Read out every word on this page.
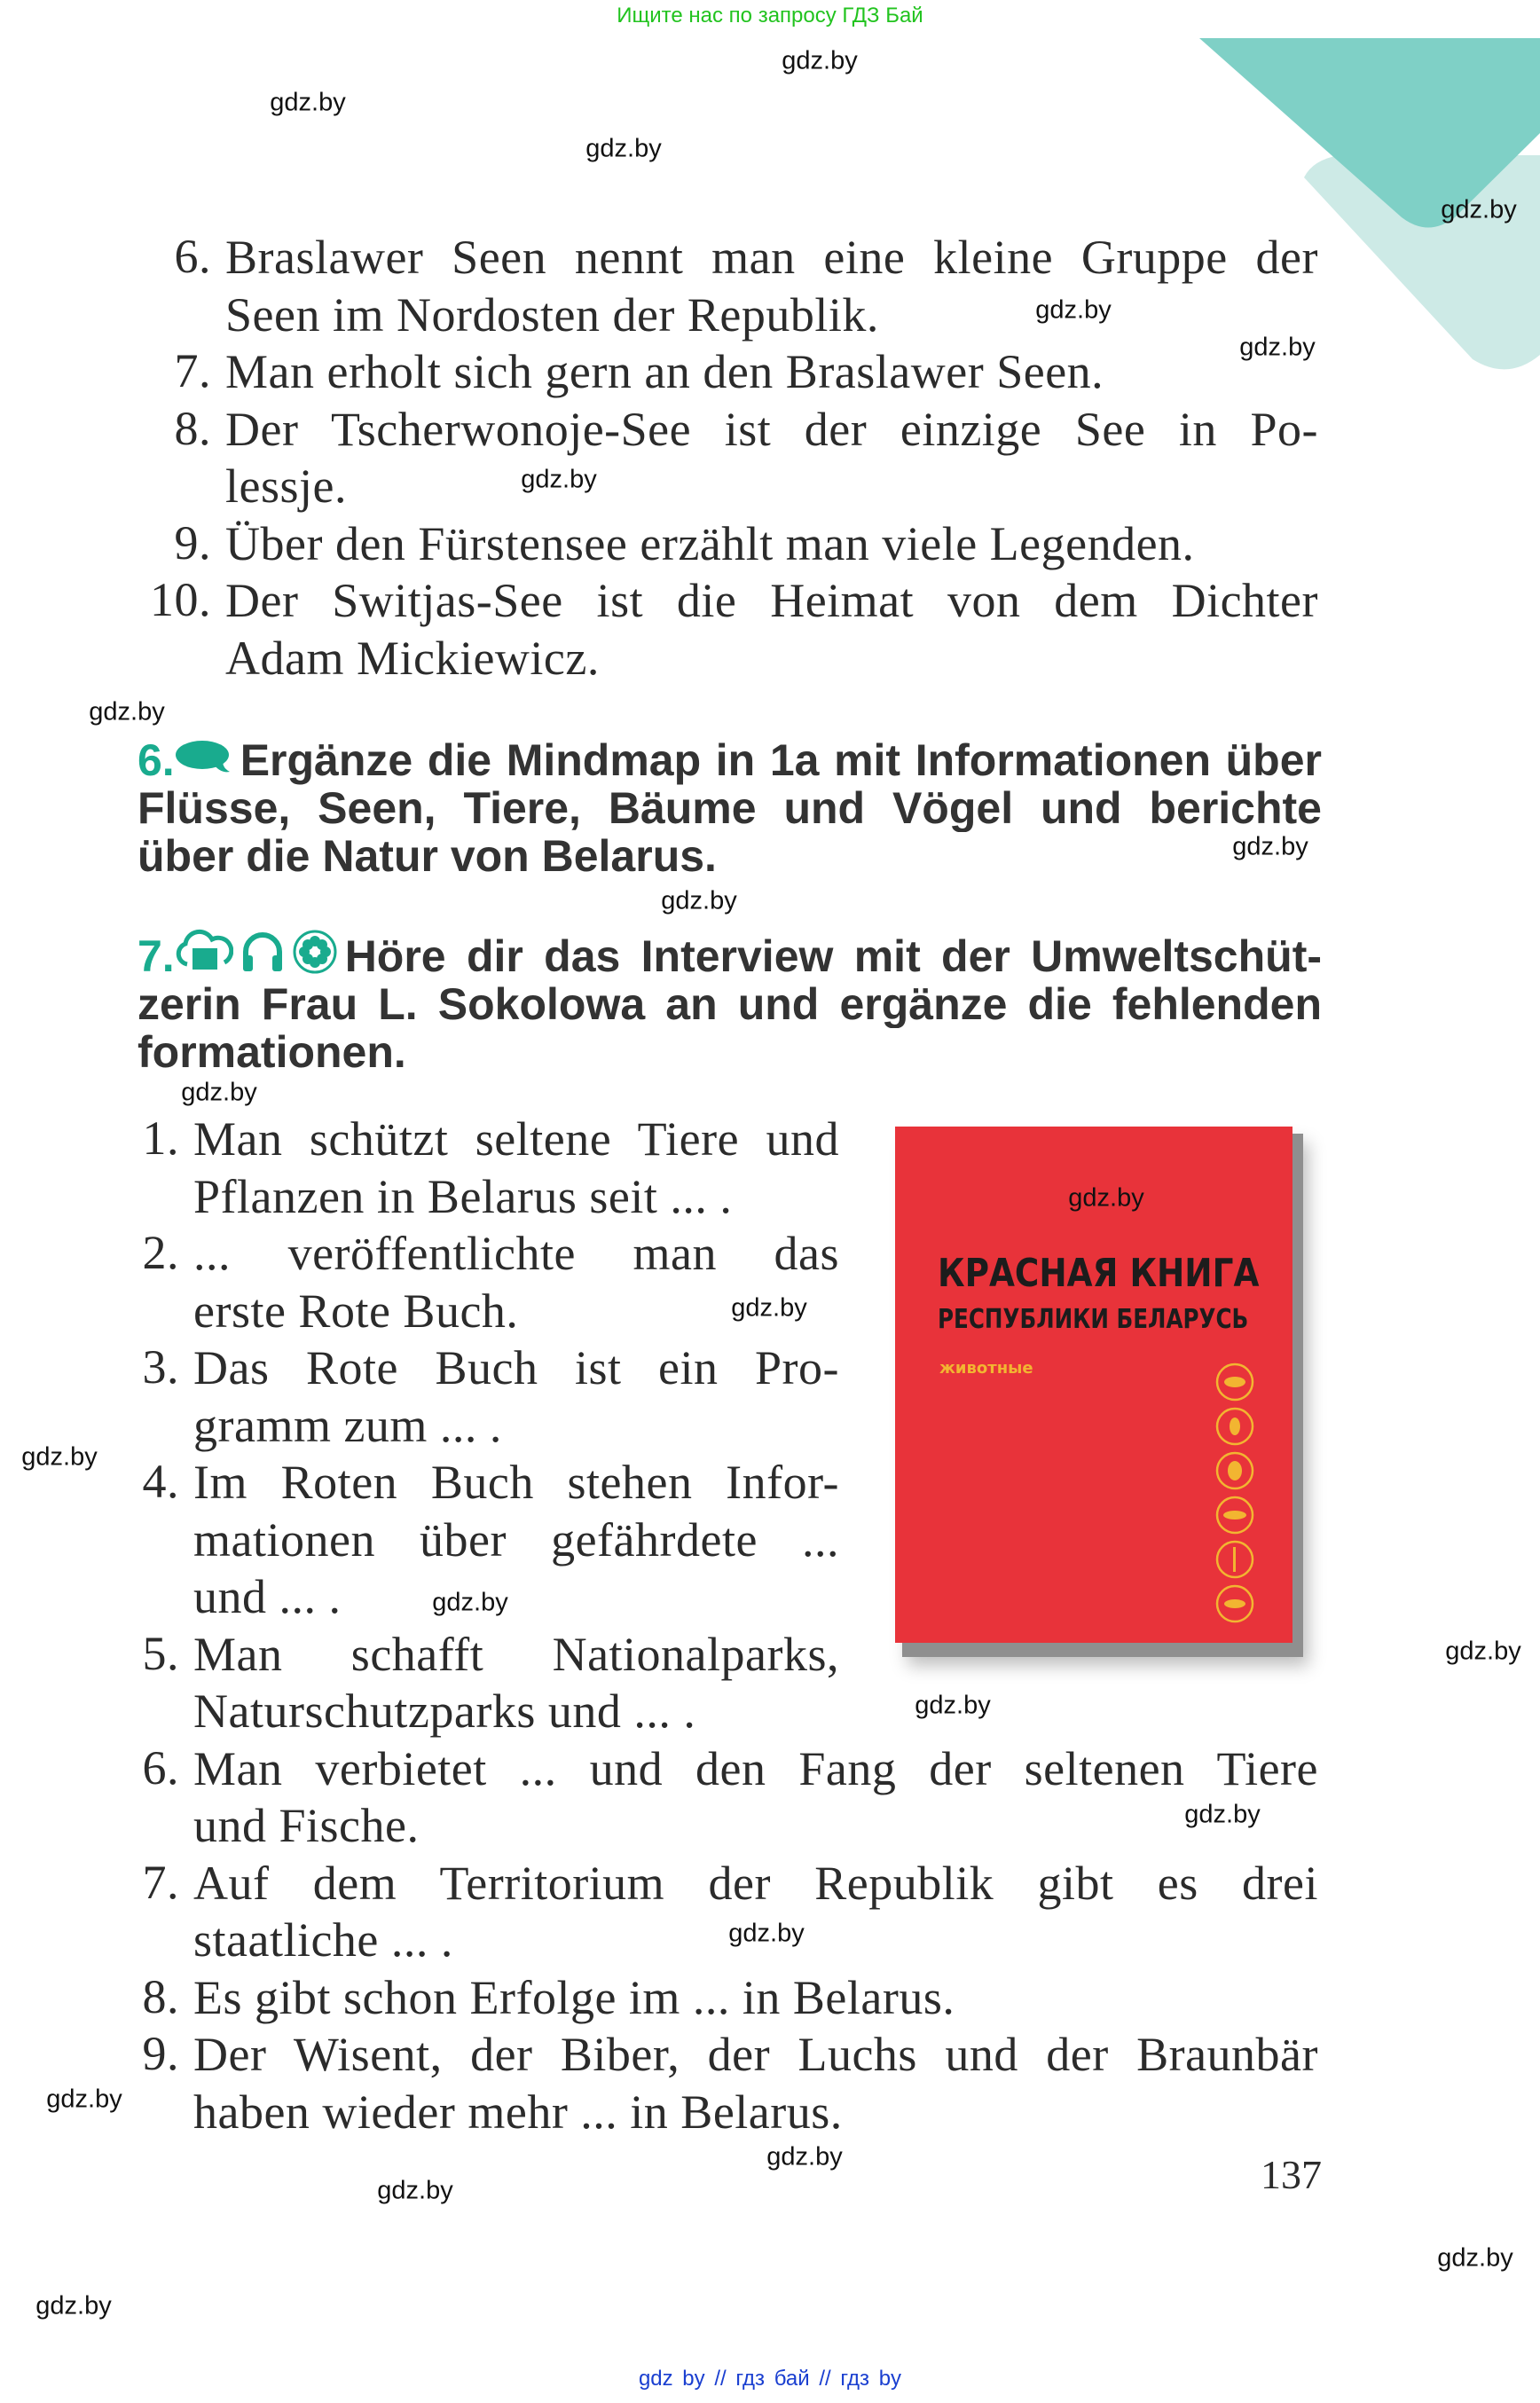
Ищите нас по запросу ГДЗ Бай
6. Braslawer Seen nennt man eine kleine Gruppe der
Seen im Nordosten der Republik.
7. Man erholt sich gern an den Braslawer Seen.
8. Der Tscherwonoje-See ist der einzige See in Po-
lessje.
9. Über den Fürstensee erzählt man viele Legenden.
10. Der Switjas-See ist die Heimat von dem Dichter
Adam Mickiewicz.
6. Ergänze die Mindmap in 1a mit Informationen über
Flüsse, Seen, Tiere, Bäume und Vögel und berichte
über die Natur von Belarus.
7.	Höre dir das Interview mit der Umweltschüt-
zerin Frau L. Sokolowa an und ergänze die fehlenden
formationen.
1. Man schützt seltene Tiere und
Pflanzen in Belarus seit ... .
2. ... veröffentlichte man das
erste Rote Buch.
3. Das Rote Buch ist ein Pro-
gramm zum ... .
4. Im Roten Buch stehen Infor-
mationen über gefährdete ...
und ... .
5. Man schafft Nationalparks,
Naturschutzparks und ... .
6. Man verbietet ... und den Fang der seltenen Tiere
und Fische.
7. Auf dem Territorium der Republik gibt es drei
staatliche ... .
8. Es gibt schon Erfolge im ... in Belarus.
9. Der Wisent, der Biber, der Luchs und der Braunbär
haben wieder mehr ... in Belarus.
КРАСНАЯ КНИГА
РЕСПУБЛИКИ БЕЛАРУСЬ
животные
137
gdz by // гдз бай // гдз by
gdz.by
gdz.by
gdz.by
gdz.by
gdz.by
gdz.by
gdz.by
gdz.by
gdz.by
gdz.by
gdz.by
gdz.by
gdz.by
gdz.by
gdz.by
gdz.by
gdz.by
gdz.by
gdz.by
gdz.by
gdz.by
gdz.by
gdz.by
gdz.by
